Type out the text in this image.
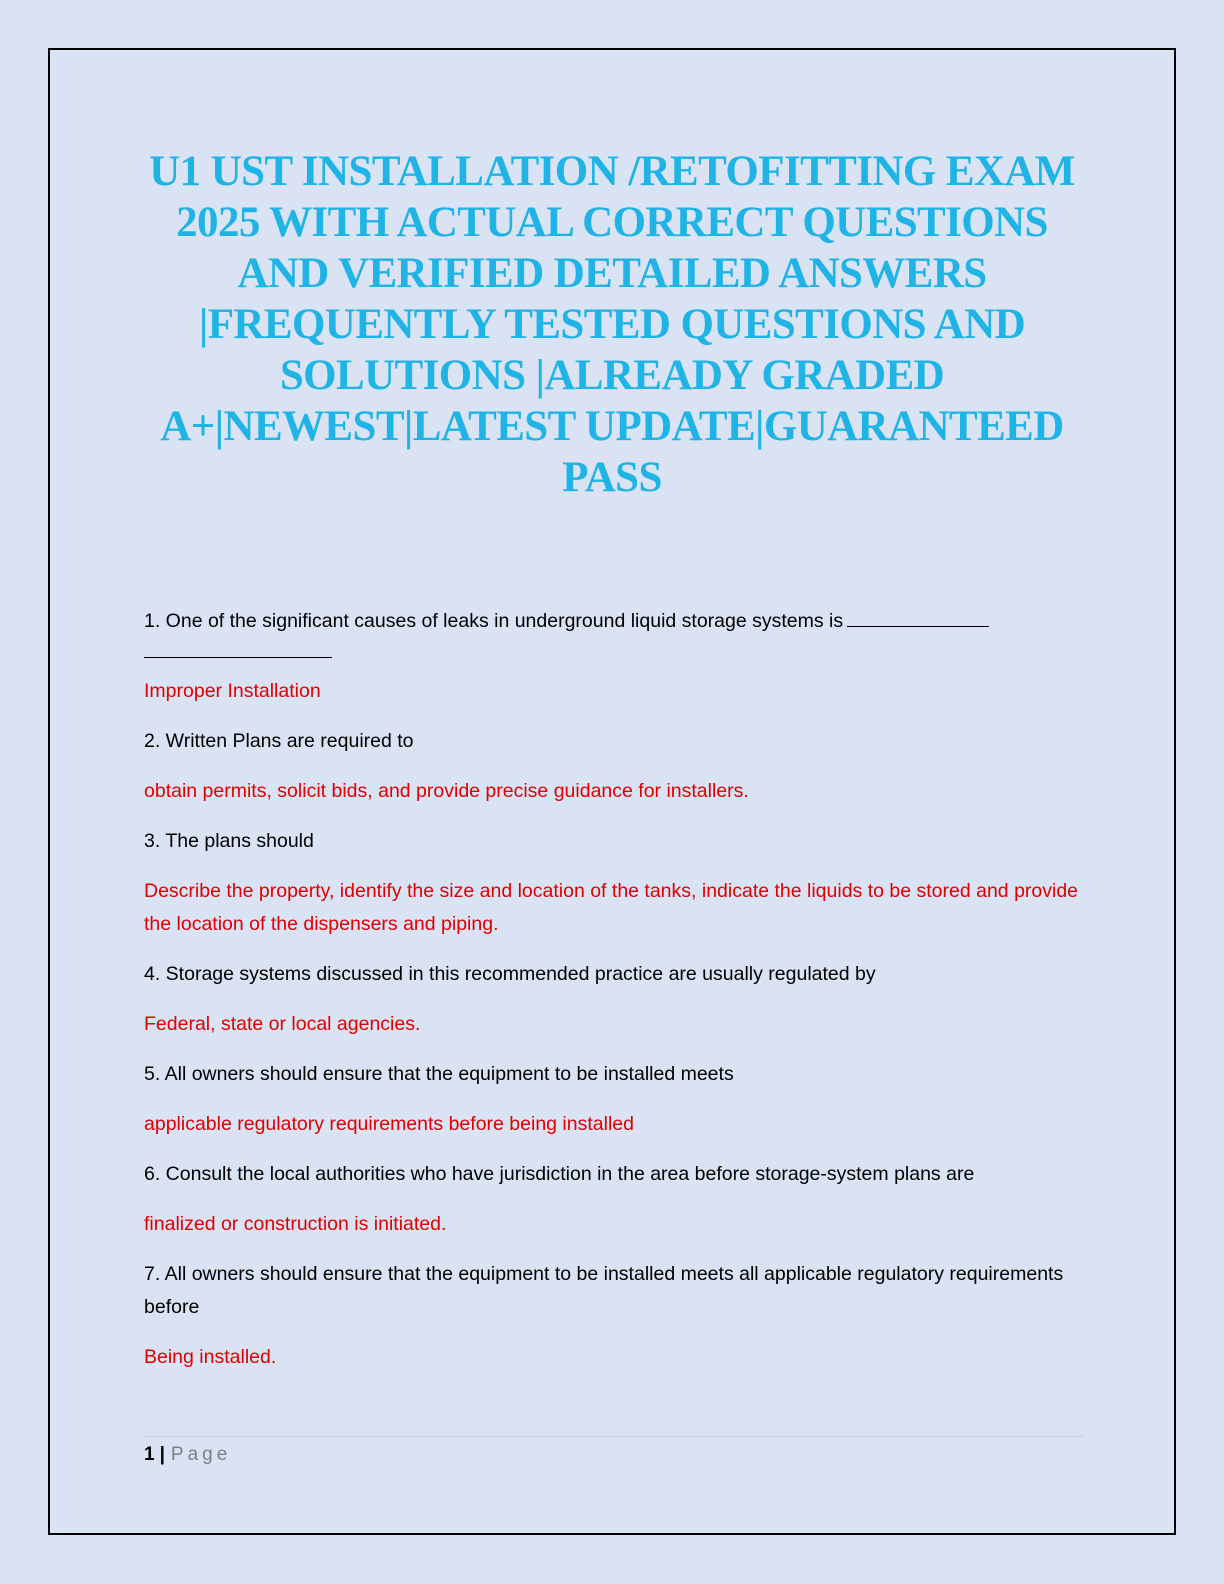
U1 UST INSTALLATION /RETOFITTING EXAM
2025 WITH ACTUAL CORRECT QUESTIONS
AND VERIFIED DETAILED ANSWERS
|FREQUENTLY TESTED QUESTIONS AND
SOLUTIONS |ALREADY GRADED
A+|NEWEST|LATEST UPDATE|GUARANTEED
PASS
1. One of the significant causes of leaks in underground liquid storage systems is

Improper Installation

2. Written Plans are required to

obtain permits, solicit bids, and provide precise guidance for installers.

3. The plans should

Describe the property, identify the size and location of the tanks, indicate the liquids to be stored and provide the location of the dispensers and piping.

4. Storage systems discussed in this recommended practice are usually regulated by

Federal, state or local agencies.

5. All owners should ensure that the equipment to be installed meets

applicable regulatory requirements before being installed

6. Consult the local authorities who have jurisdiction in the area before storage-system plans are

finalized or construction is initiated.

7. All owners should ensure that the equipment to be installed meets all applicable regulatory requirements before

Being installed.

1 | Page
